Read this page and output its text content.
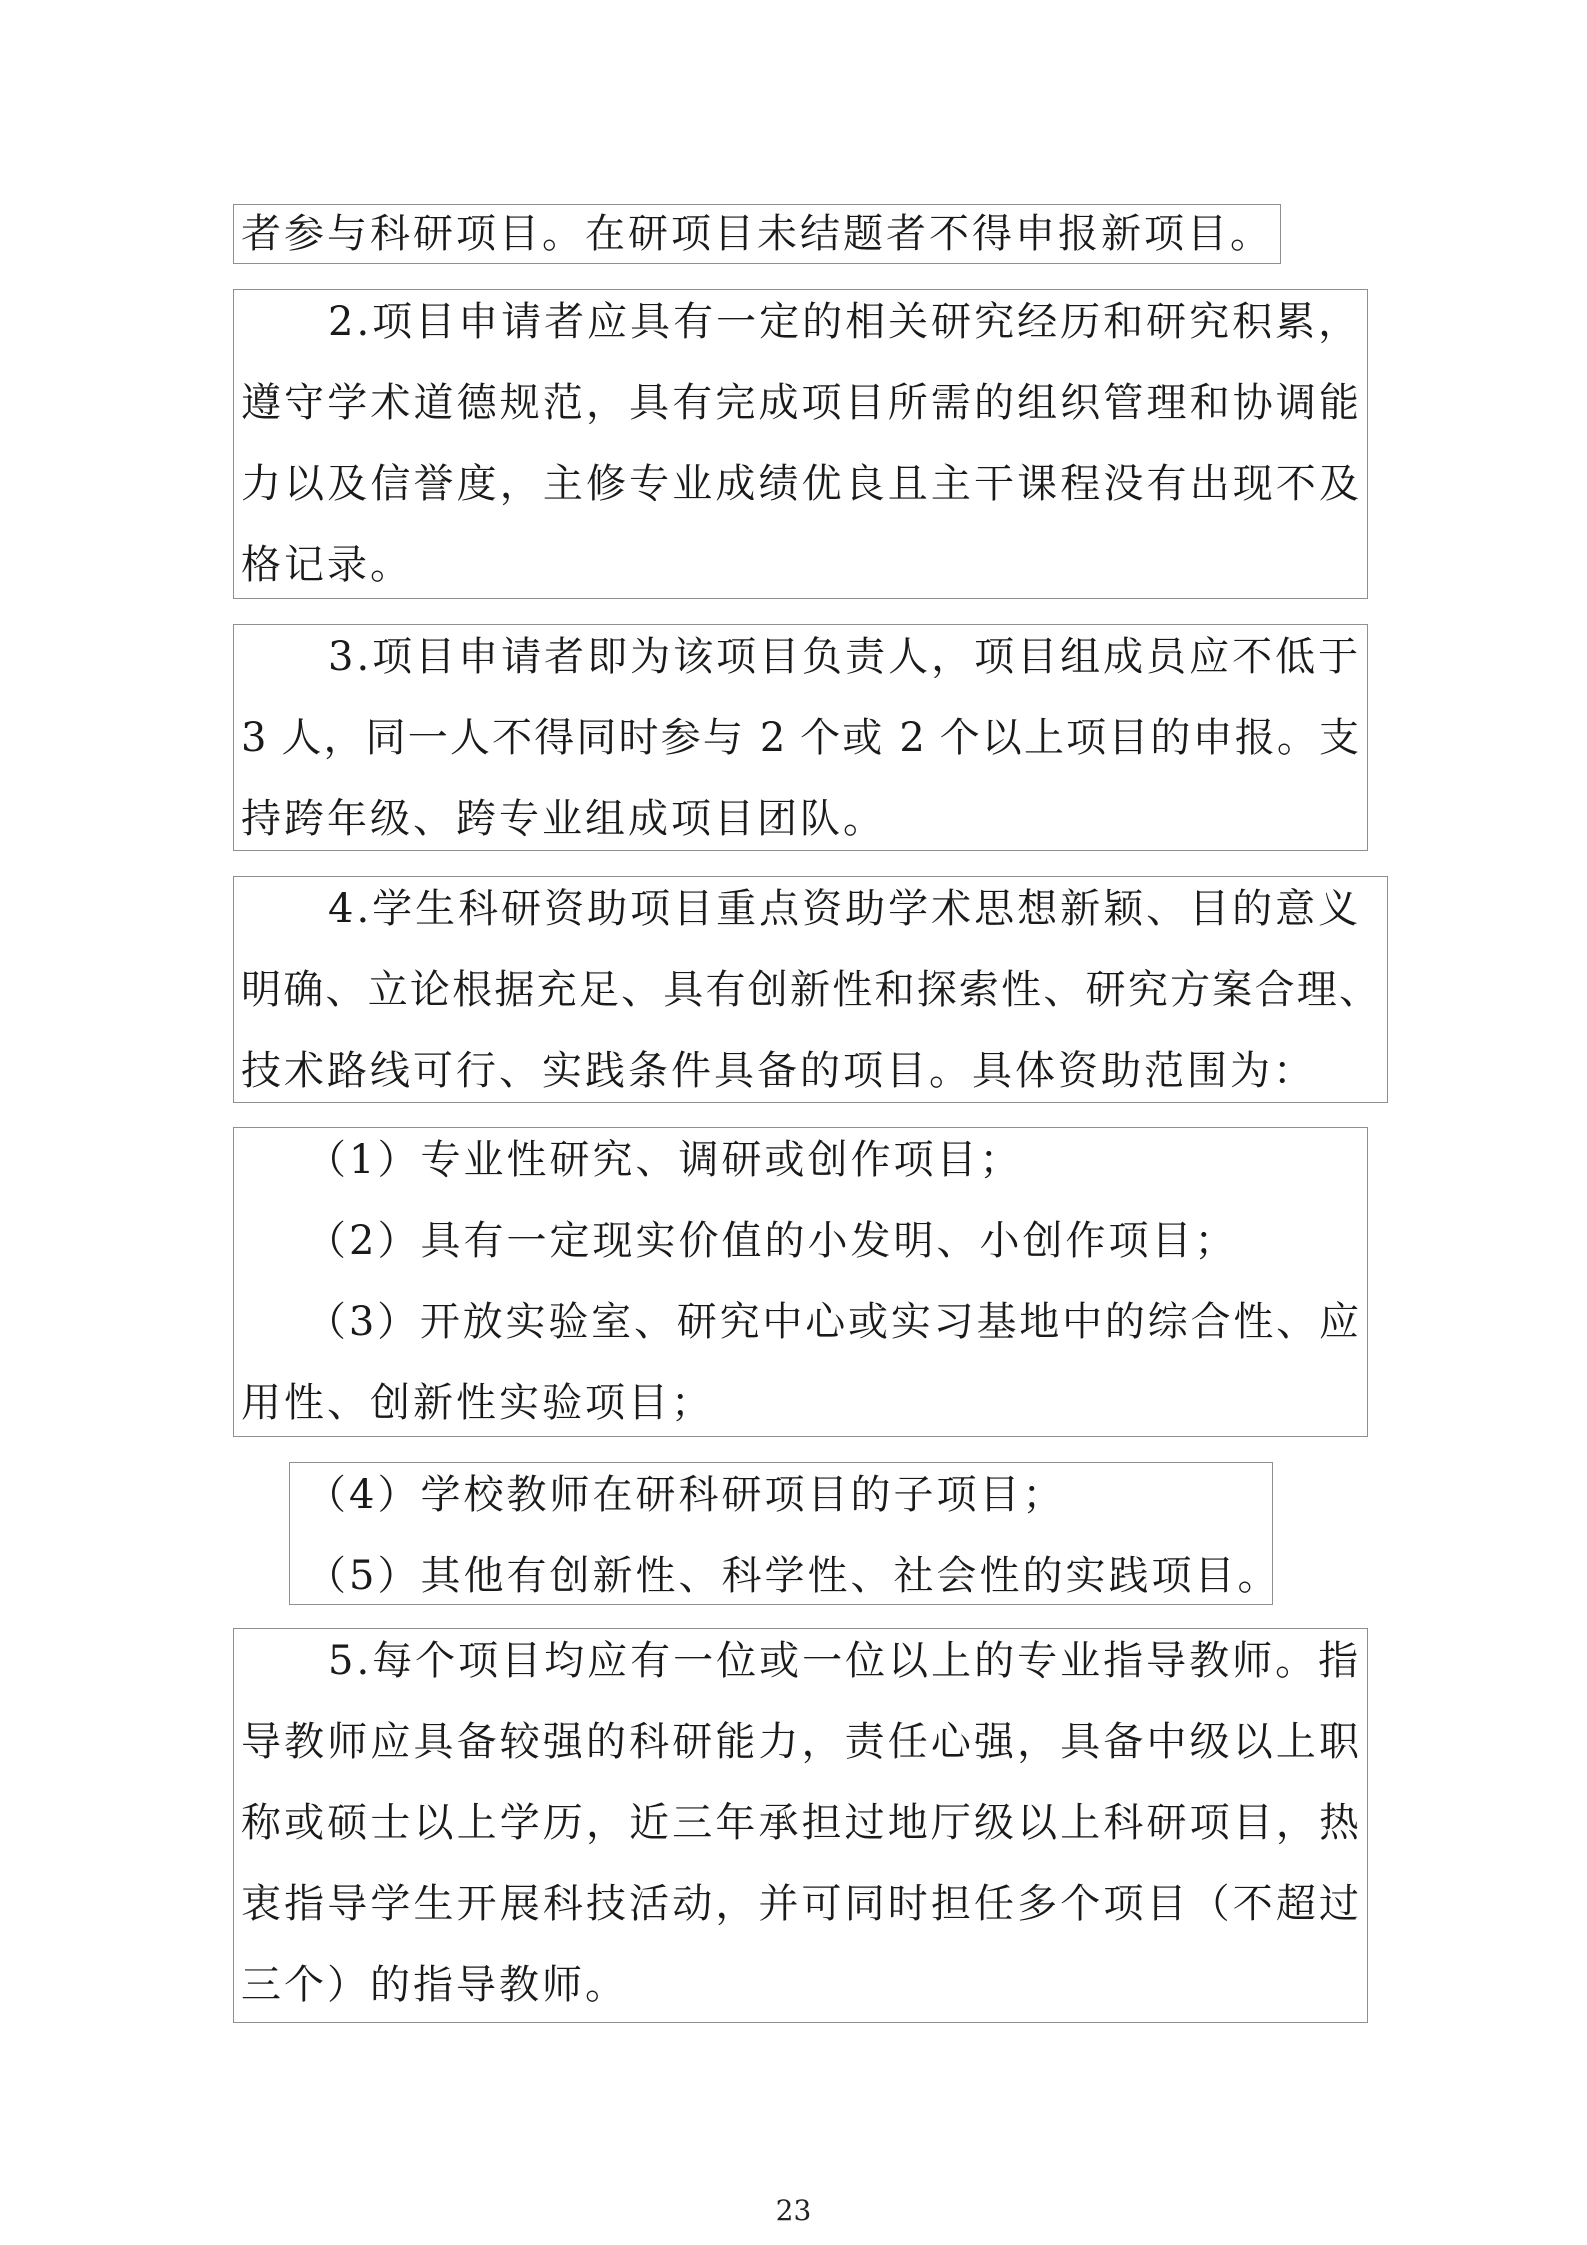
者参与科研项目。在研项目未结题者不得申报新项目。
2.项目申请者应具有一定的相关研究经历和研究积累，
遵守学术道德规范，具有完成项目所需的组织管理和协调能
力以及信誉度，主修专业成绩优良且主干课程没有出现不及
格记录。
3.项目申请者即为该项目负责人，项目组成员应不低于
3 人，同一人不得同时参与 2 个或 2 个以上项目的申报。支
持跨年级、跨专业组成项目团队。
4.学生科研资助项目重点资助学术思想新颖、目的意义
明确、立论根据充足、具有创新性和探索性、研究方案合理、
技术路线可行、实践条件具备的项目。具体资助范围为：
（1）专业性研究、调研或创作项目；
（2）具有一定现实价值的小发明、小创作项目；
（3）开放实验室、研究中心或实习基地中的综合性、应
用性、创新性实验项目；
（4）学校教师在研科研项目的子项目；
（5）其他有创新性、科学性、社会性的实践项目。
5.每个项目均应有一位或一位以上的专业指导教师。指
导教师应具备较强的科研能力，责任心强，具备中级以上职
称或硕士以上学历，近三年承担过地厅级以上科研项目，热
衷指导学生开展科技活动，并可同时担任多个项目（不超过
三个）的指导教师。
23
